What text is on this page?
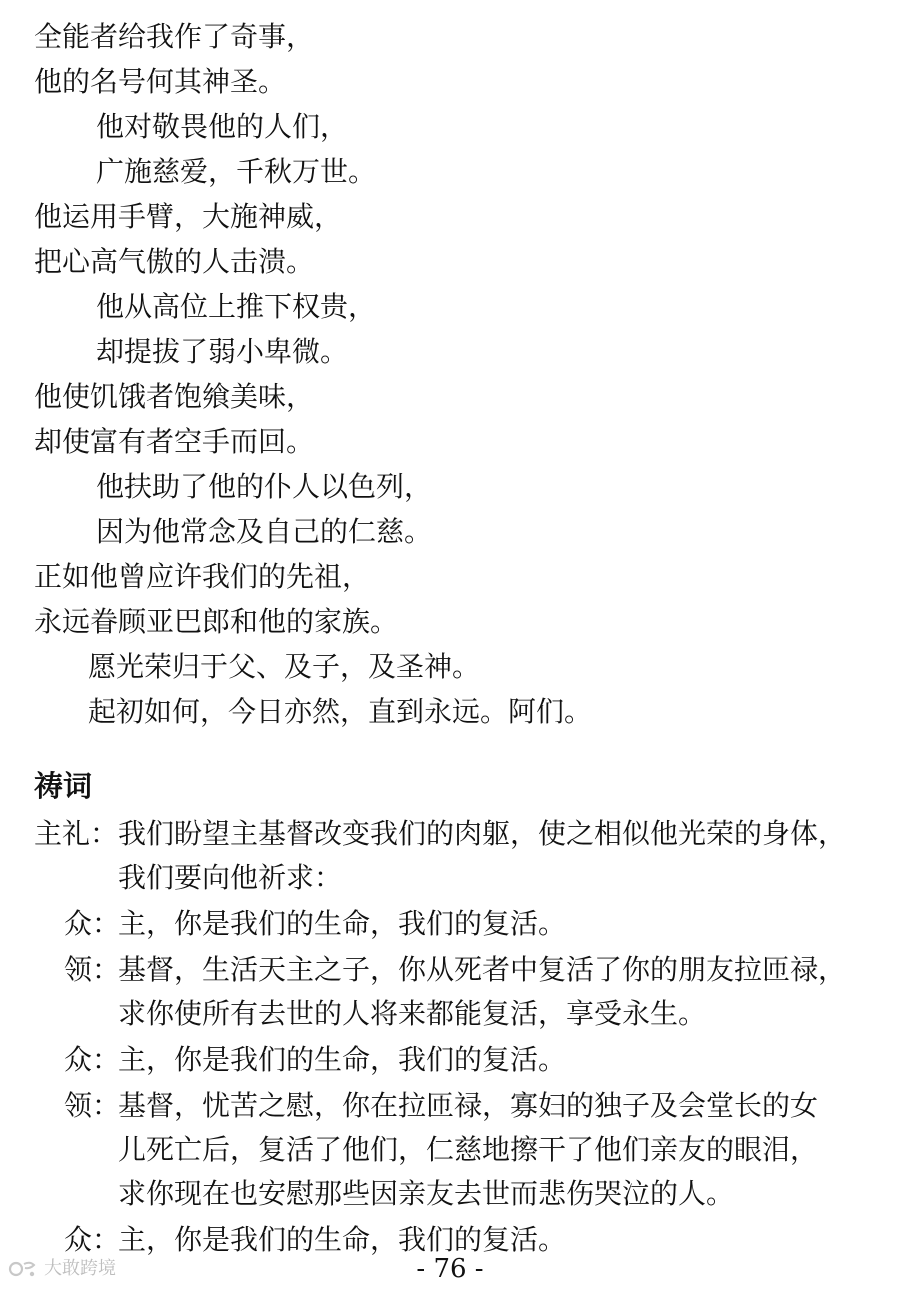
全能者给我作了奇事，
他的名号何其神圣。
他对敬畏他的人们，
广施慈爱，千秋万世。
他运用手臂，大施神威，
把心高气傲的人击溃。
他从高位上推下权贵，
却提拔了弱小卑微。
他使饥饿者饱飨美味，
却使富有者空手而回。
他扶助了他的仆人以色列，
因为他常念及自己的仁慈。
正如他曾应许我们的先祖，
永远眷顾亚巴郎和他的家族。
愿光荣归于父、及子，及圣神。
起初如何，今日亦然，直到永远。阿们。
祷词
主礼： 我们盼望主基督改变我们的肉躯，使之相似他光荣的身体，
我们要向他祈求：
众：
主，你是我们的生命，我们的复活。
领：
基督，生活天主之子，你从死者中复活了你的朋友拉匝禄，
求你使所有去世的人将来都能复活，享受永生。
众：
主，你是我们的生命，我们的复活。
领：
基督，忧苦之慰，你在拉匝禄，寡妇的独子及会堂长的女
儿死亡后，复活了他们，仁慈地擦干了他们亲友的眼泪，
求你现在也安慰那些因亲友去世而悲伤哭泣的人。
众：
主，你是我们的生命，我们的复活。
- 76 -
大敢跨境
